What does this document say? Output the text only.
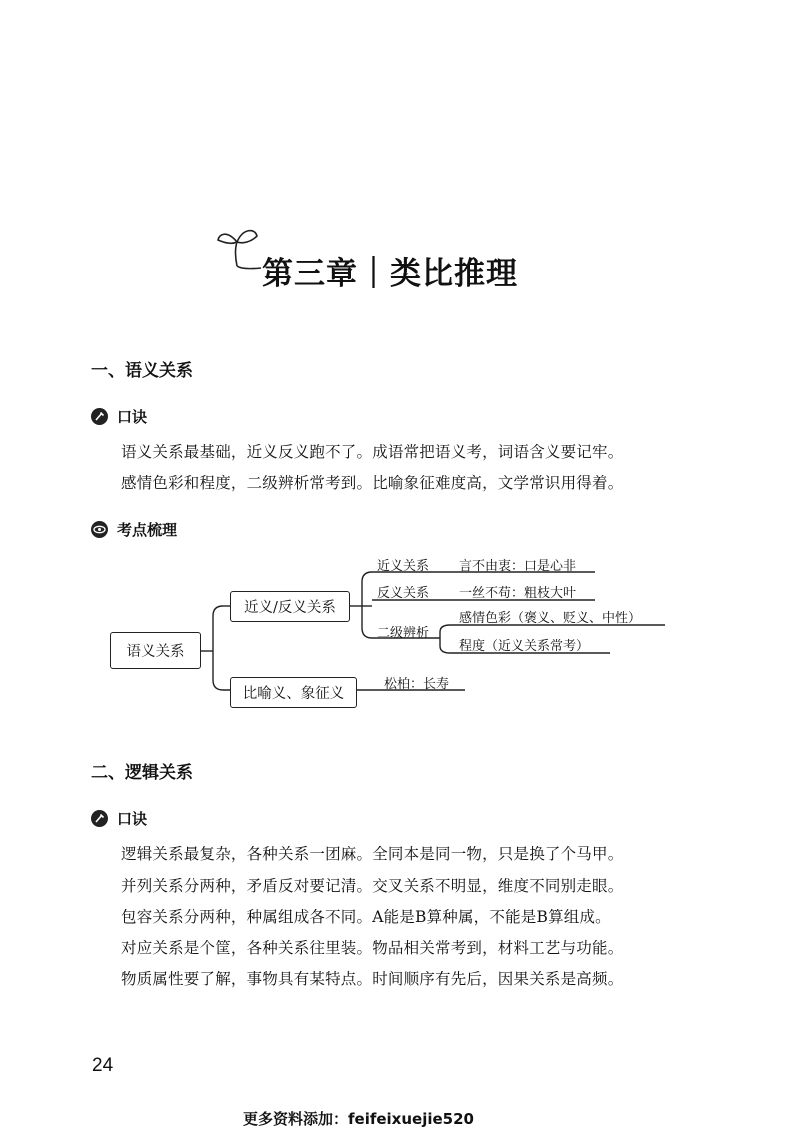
第三章｜类比推理
一、语义关系
口诀
语义关系最基础，近义反义跑不了。成语常把语义考，词语含义要记牢。
感情色彩和程度，二级辨析常考到。比喻象征难度高，文学常识用得着。
考点梳理
语义关系
近义/反义关系
比喻义、象征义
近义关系 言不由衷：口是心非
反义关系 一丝不苟：粗枝大叶
二级辨析
感情色彩（褒义、贬义、中性）
程度（近义关系常考）
松柏：长寿
二、逻辑关系
口诀
逻辑关系最复杂，各种关系一团麻。全同本是同一物，只是换了个马甲。
并列关系分两种，矛盾反对要记清。交叉关系不明显，维度不同别走眼。
包容关系分两种，种属组成各不同。A能是B算种属，不能是B算组成。
对应关系是个筐，各种关系往里装。物品相关常考到，材料工艺与功能。
物质属性要了解，事物具有某特点。时间顺序有先后，因果关系是高频。
24
更多资料添加：feifeixuejie520
